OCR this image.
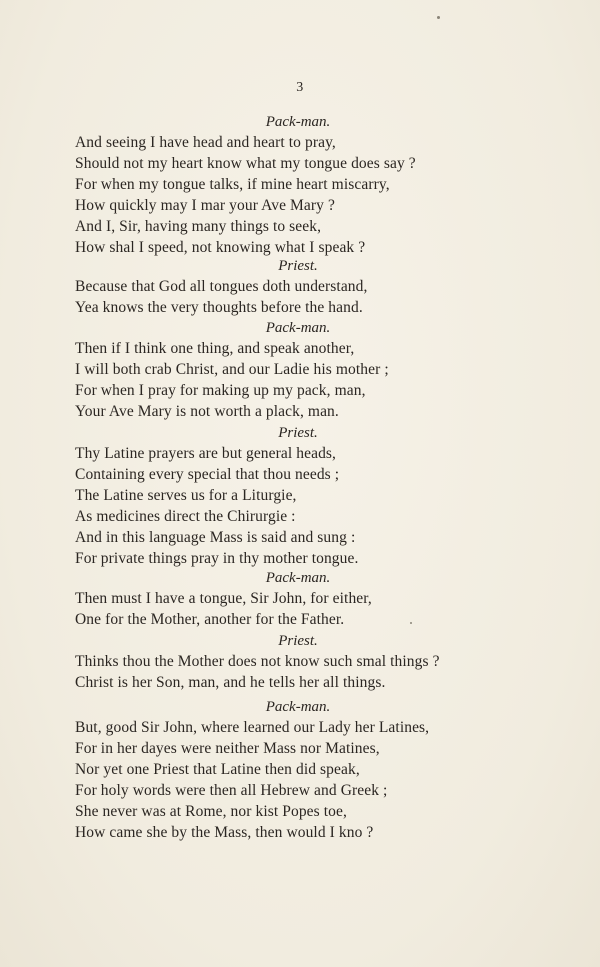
3
Pack-man.
And seeing I have head and heart to pray,
Should not my heart know what my tongue does say ?
For when my tongue talks, if mine heart miscarry,
How quickly may I mar your Ave Mary ?
And I, Sir, having many things to seek,
How shal I speed, not knowing what I speak ?
Priest.
Because that God all tongues doth understand,
Yea knows the very thoughts before the hand.
Pack-man.
Then if I think one thing, and speak another,
I will both crab Christ, and our Ladie his mother ;
For when I pray for making up my pack, man,
Your Ave Mary is not worth a plack, man.
Priest.
Thy Latine prayers are but general heads,
Containing every special that thou needs ;
The Latine serves us for a Liturgie,
As medicines direct the Chirurgie :
And in this language Mass is said and sung :
For private things pray in thy mother tongue.
Pack-man.
Then must I have a tongue, Sir John, for either,
One for the Mother, another for the Father.
Priest.
Thinks thou the Mother does not know such smal things ?
Christ is her Son, man, and he tells her all things.
Pack-man.
But, good Sir John, where learned our Lady her Latines,
For in her dayes were neither Mass nor Matines,
Nor yet one Priest that Latine then did speak,
For holy words were then all Hebrew and Greek ;
She never was at Rome, nor kist Popes toe,
How came she by the Mass, then would I kno ?
